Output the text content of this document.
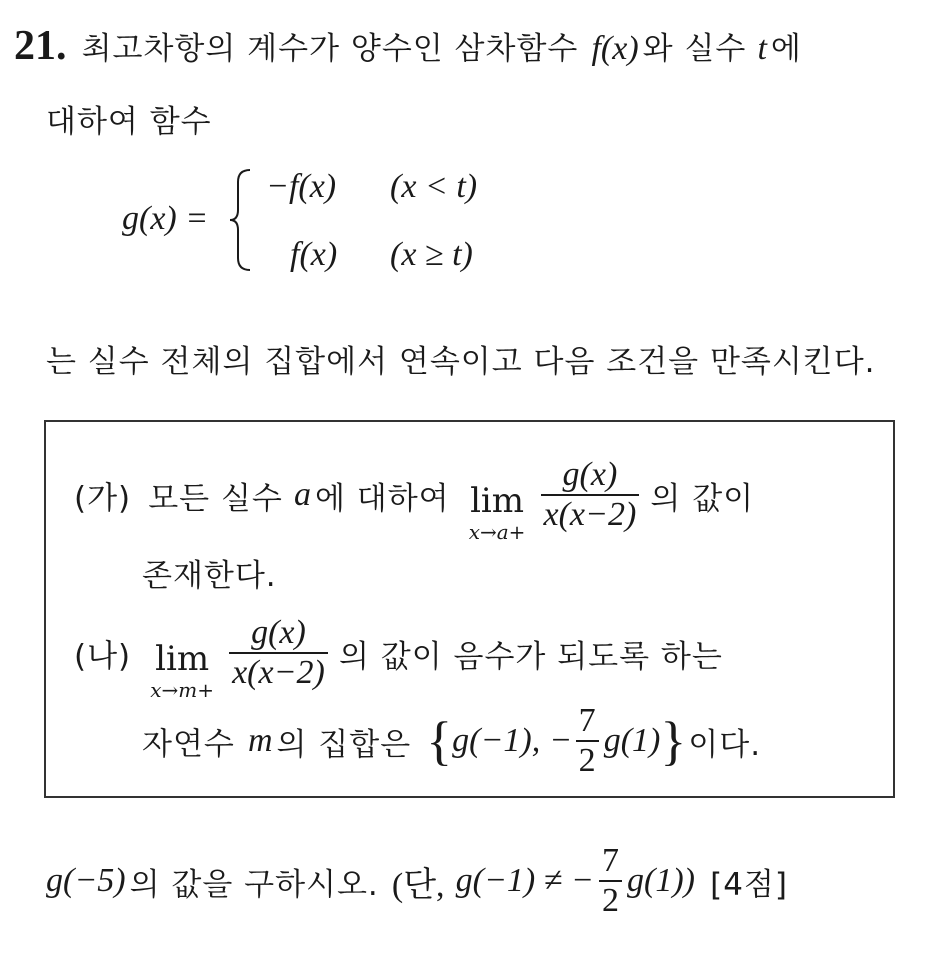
21. 최고차항의 계수가 양수인 삼차함수 f(x) 와 실수 t 에
대하여 함수
g(x) =
−f(x) (x < t)
f(x) (x ≥ t)
는 실수 전체의 집합에서 연속이고 다음 조건을 만족시킨다.
(가) 모든 실수 a 에 대하여 lim
x→a+
$\frac{g(x)}{x(x-2)}$ 의 값이
존재한다.
(나) lim
x→m+
$\frac{g(x)}{x(x-2)}$ 의 값이 음수가 되도록 하는
자연수 m 의 집합은 {g(−1), − $\frac{7}{2} g(1)$}이다.
g(−5) 의 값을 구하시오. (단, g(−1) ≠ − $\frac{7}{2} g(1)$) [4점]
